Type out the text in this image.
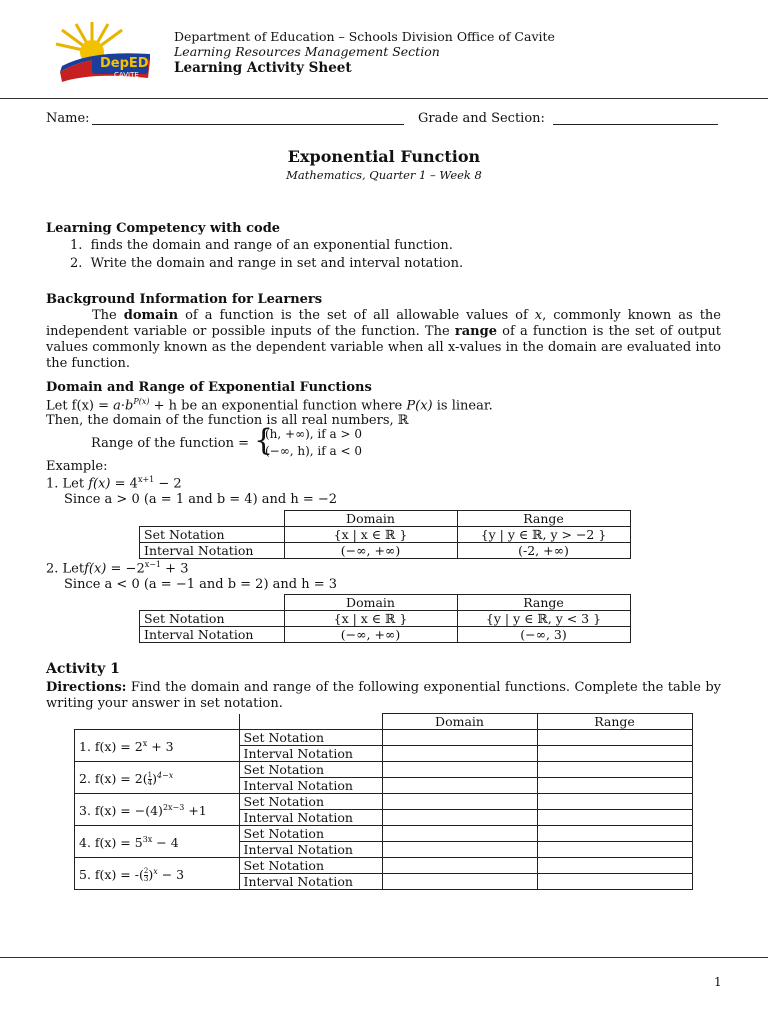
DepED
CAVITE
Department of Education – Schools Division Office of Cavite
Learning Resources Management Section
Learning Activity Sheet
Name:	Grade and Section:
Exponential Function
Mathematics, Quarter 1 – Week 8
Learning Competency with code
1.  finds the domain and range of an exponential function.
2.  Write the domain and range in set and interval notation.
Background Information for Learners

The domain of a function is the set of all allowable values of x, commonly known as the independent variable or possible inputs of the function. The range of a function is the set of output values commonly known as the dependent variable when all x-values in the domain are evaluated into the function.

Domain and Range of Exponential Functions
Let $f(x) = a\cdot b^{P(x)} + h$ be an exponential function where P(x) is linear.
Then, the domain of the function is all real numbers, ℝ
Range of the function = {
(h, +∞), if a > 0
(−∞, h), if a < 0
Example:
1. Let $f(x) = 4^{x+1} - 2$
Since a > 0 (a = 1 and b = 4) and h = −2
	Domain	Range
Set Notation	{x | x ∈ ℝ }	{y | y ∈ ℝ, y > −2 }
Interval Notation	(−∞, +∞)	(-2, +∞)
2. Letf(x) = $-2^{x-1} + 3$
Since a < 0 (a = −1 and b = 2) and h = 3
	Domain	Range
Set Notation	{x | x ∈ ℝ }	{y | y ∈ ℝ, y < 3 }
Interval Notation	(−∞, +∞)	(−∞, 3)
Activity 1

Directions: Find the domain and range of the following exponential functions. Complete the table by writing your answer in set notation.

		Domain	Range
1. $f(x) = 2^x + 3$	Set Notation		
	Interval Notation		
2. $f(x) = 2( \frac{1}{4} )^{4-x}$	Set Notation		
	Interval Notation		
3. $f(x) = -(4)^{2x-3} +1$	Set Notation		
	Interval Notation		
4. $f(x) = 5^{3x} - 4$	Set Notation		
	Interval Notation		
5. f(x) = -( $\frac{2}{3} )^x - 3$	Set Notation		
	Interval Notation		
1
